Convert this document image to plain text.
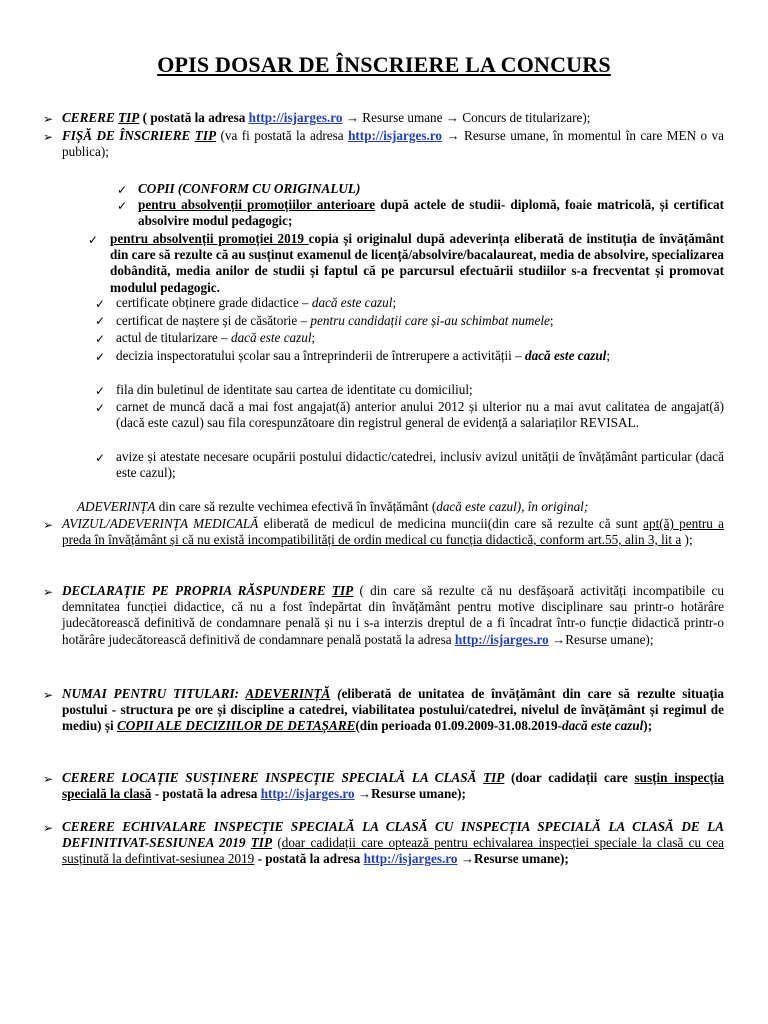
OPIS DOSAR DE ÎNSCRIERE LA CONCURS
➢ CERERE TIP ( postată la adresa http://isjarges.ro → Resurse umane → Concurs de titularizare);
➢ FIȘĂ DE ÎNSCRIERE TIP (va fi postată la adresa http://isjarges.ro → Resurse umane, în momentul în care MEN o va publica);
✓ COPII (CONFORM CU ORIGINALUL)
✓ pentru absolvenții promoțiilor anterioare după actele de studii- diplomă, foaie matricolă, și certificat absolvire modul pedagogic;
✓ pentru absolvenții promoției 2019 copia și originalul după adeverința eliberată de instituția de învățământ din care să rezulte că au susținut examenul de licență/absolvire/bacalaureat, media de absolvire, specializarea dobândită, media anilor de studii și faptul că pe parcursul efectuării studiilor s-a frecventat și promovat modulul pedagogic.
✓ certificate obținere grade didactice – dacă este cazul;
✓ certificat de naștere și de căsătorie – pentru candidații care și-au schimbat numele;
✓ actul de titularizare – dacă este cazul;
✓ decizia inspectoratului școlar sau a întreprinderii de întrerupere a activității – dacă este cazul;
✓ fila din buletinul de identitate sau cartea de identitate cu domiciliul;
✓ carnet de muncă dacă a mai fost angajat(ă) anterior anului 2012 și ulterior nu a mai avut calitatea de angajat(ă) (dacă este cazul) sau fila corespunzătoare din registrul general de evidență a salariaților REVISAL.
✓ avize și atestate necesare ocupării postului didactic/catedrei, inclusiv avizul unității de învățământ particular (dacă este cazul);
ADEVERINȚA din care să rezulte vechimea efectivă în învățământ (dacă este cazul), în original;
➢ AVIZUL/ADEVERINȚA MEDICALĂ eliberată de medicul de medicina muncii(din care să rezulte că sunt apt(ă) pentru a preda în învățământ și că nu există incompatibilități de ordin medical cu funcția didactică, conform art.55, alin 3, lit a );
➢ DECLARAȚIE PE PROPRIA RĂSPUNDERE TIP ( din care să rezulte că nu desfășoară activități incompatibile cu demnitatea funcției didactice, că nu a fost îndepărtat din învățământ pentru motive disciplinare sau printr-o hotărâre judecătorească definitivă de condamnare penală și nu i s-a interzis dreptul de a fi încadrat într-o funcție didactică printr-o hotărâre judecătorească definitivă de condamnare penală postată la adresa http://isjarges.ro →Resurse umane);
➢ NUMAI PENTRU TITULARI: ADEVERINȚĂ (eliberată de unitatea de învățământ din care să rezulte situația postului - structura pe ore și discipline a catedrei, viabilitatea postului/catedrei, nivelul de învățământ și regimul de mediu) și COPII ALE DECIZIILOR DE DETAȘARE(din perioada 01.09.2009-31.08.2019-dacă este cazul);
➢ CERERE LOCAȚIE SUSȚINERE INSPECȚIE SPECIALĂ LA CLASĂ TIP (doar cadidații care susțin inspecția specială la clasă - postată la adresa http://isjarges.ro →Resurse umane);
➢ CERERE ECHIVALARE INSPECȚIE SPECIALĂ LA CLASĂ CU INSPECȚIA SPECIALĂ LA CLASĂ DE LA DEFINITIVAT-SESIUNEA 2019 TIP (doar cadidații care optează pentru echivalarea inspecției speciale la clasă cu cea susținută la defintivat-sesiunea 2019 - postată la adresa http://isjarges.ro →Resurse umane);
